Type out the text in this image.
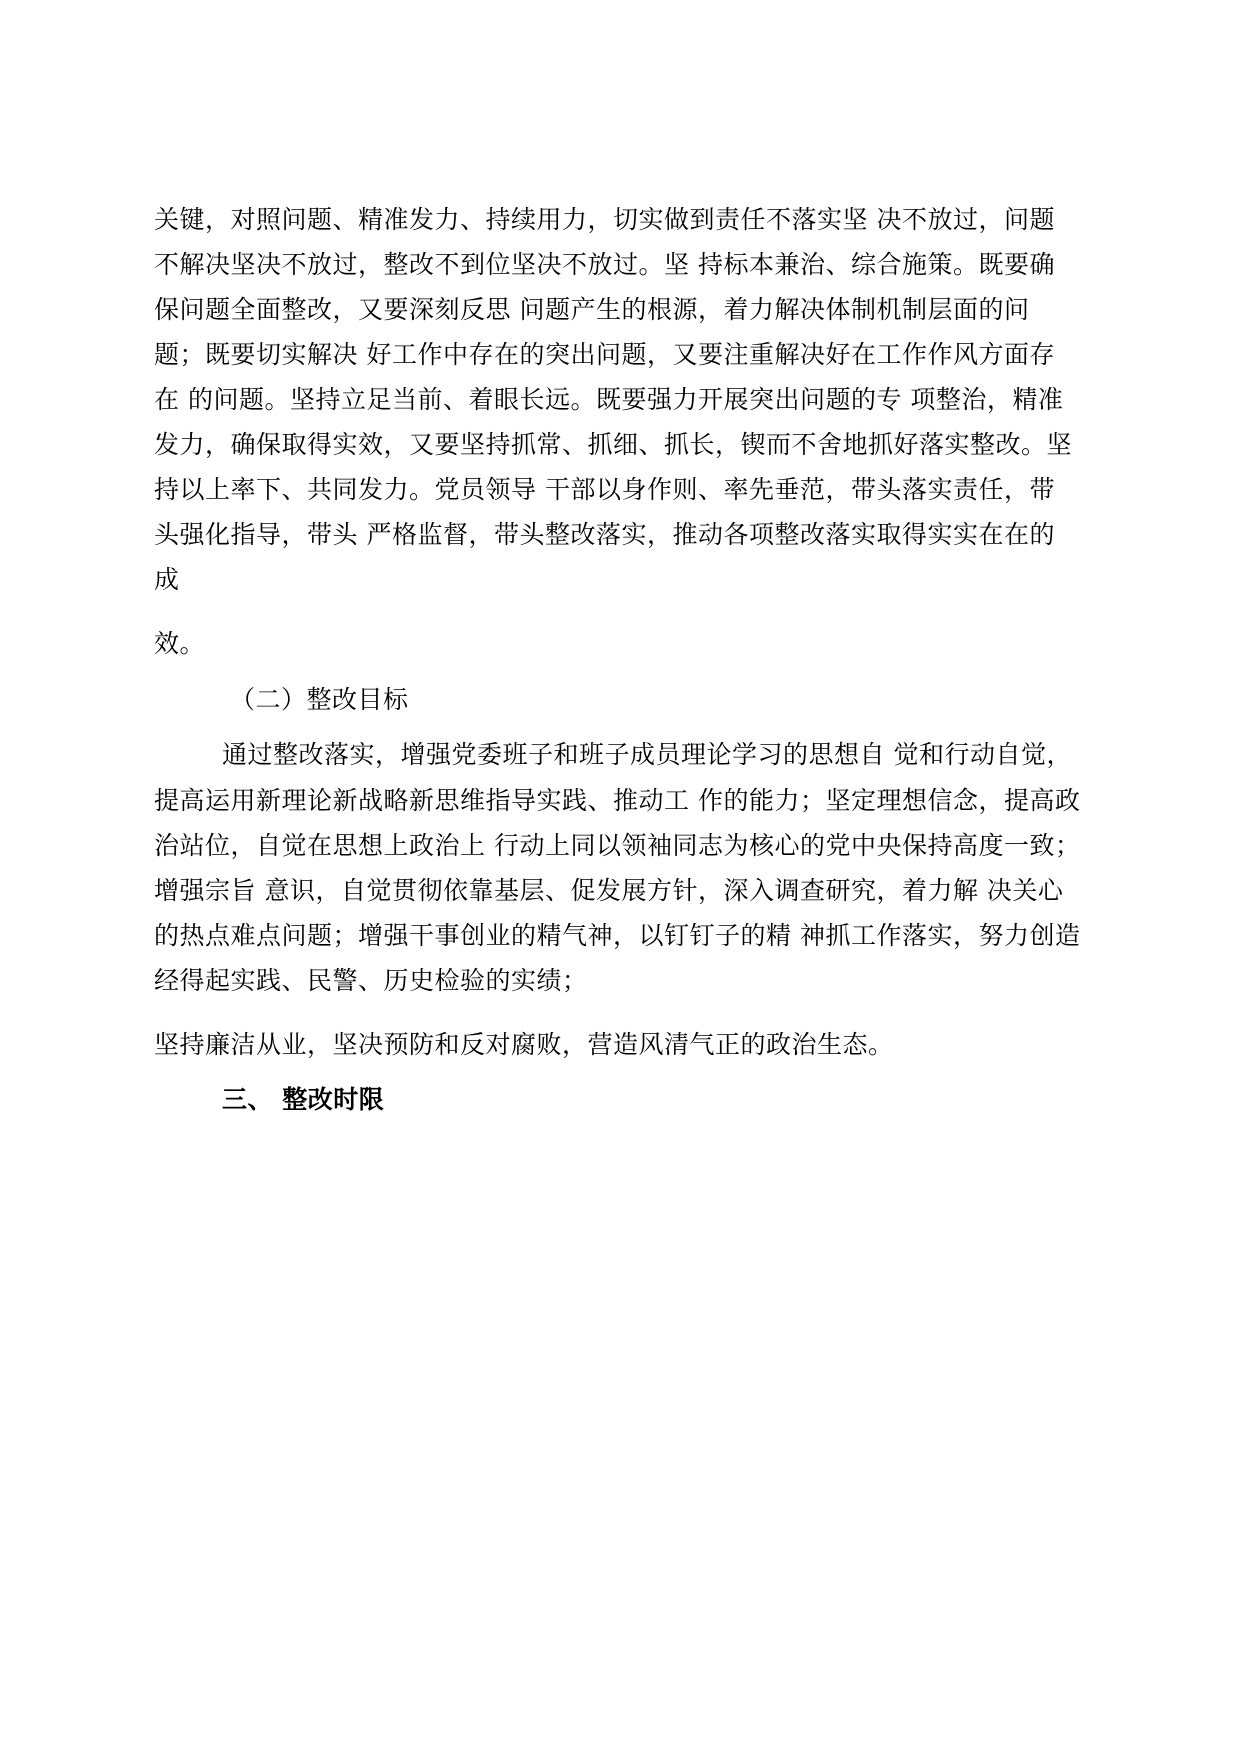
关键，对照问题、精准发力、持续用力，切实做到责任不落实坚 决不放过，问题
不解决坚决不放过，整改不到位坚决不放过。坚 持标本兼治、综合施策。既要确
保问题全面整改，又要深刻反思 问题产生的根源，着力解决体制机制层面的问
题；既要切实解决 好工作中存在的突出问题，又要注重解决好在工作作风方面存
在 的问题。坚持立足当前、着眼长远。既要强力开展突出问题的专 项整治，精准
发力，确保取得实效，又要坚持抓常、抓细、抓长，锲而不舍地抓好落实整改。坚
持以上率下、共同发力。党员领导 干部以身作则、率先垂范，带头落实责任，带
头强化指导，带头 严格监督，带头整改落实，推动各项整改落实取得实实在在的
成
效。
（二）整改目标
通过整改落实，增强党委班子和班子成员理论学习的思想自 觉和行动自觉，
提高运用新理论新战略新思维指导实践、推动工 作的能力；坚定理想信念，提高政
治站位，自觉在思想上政治上 行动上同以领袖同志为核心的党中央保持高度一致；
增强宗旨 意识，自觉贯彻依靠基层、促发展方针，深入调查研究，着力解 决关心
的热点难点问题；增强干事创业的精气神，以钉钉子的精 神抓工作落实，努力创造
经得起实践、民警、历史检验的实绩；
坚持廉洁从业，坚决预防和反对腐败，营造风清气正的政治生态。
三、 整改时限
